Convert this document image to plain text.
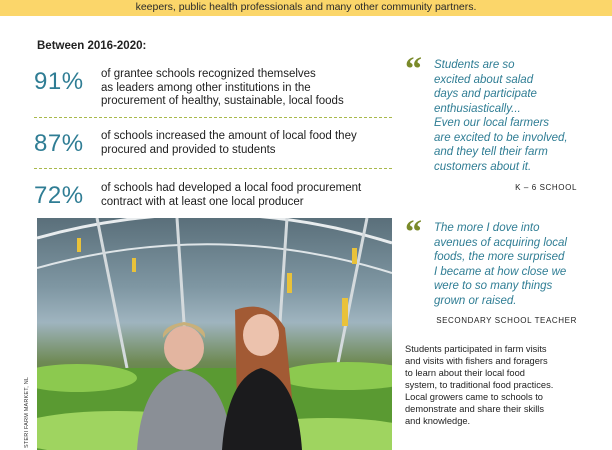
keepers, public health professionals and many other community partners.
Between 2016-2020:
91% of grantee schools recognized themselves
as leaders among other institutions in the
procurement of healthy, sustainable, local foods
87% of schools increased the amount of local food they
procured and provided to students
72% of schools had developed a local food procurement
contract with at least one local producer
STERI FARM MARKET, NL
“ Students are so
excited about salad
days and participate
enthusiastically...
Even our local farmers
are excited to be involved,
and they tell their farm
customers about it.
K – 6 SCHOOL
“ The more I dove into
avenues of acquiring local
foods, the more surprised
I became at how close we
were to so many things
grown or raised.
SECONDARY SCHOOL TEACHER
Students participated in farm visits
and visits with fishers and foragers
to learn about their local food
system, to traditional food practices.
Local growers came to schools to
demonstrate and share their skills
and knowledge.
